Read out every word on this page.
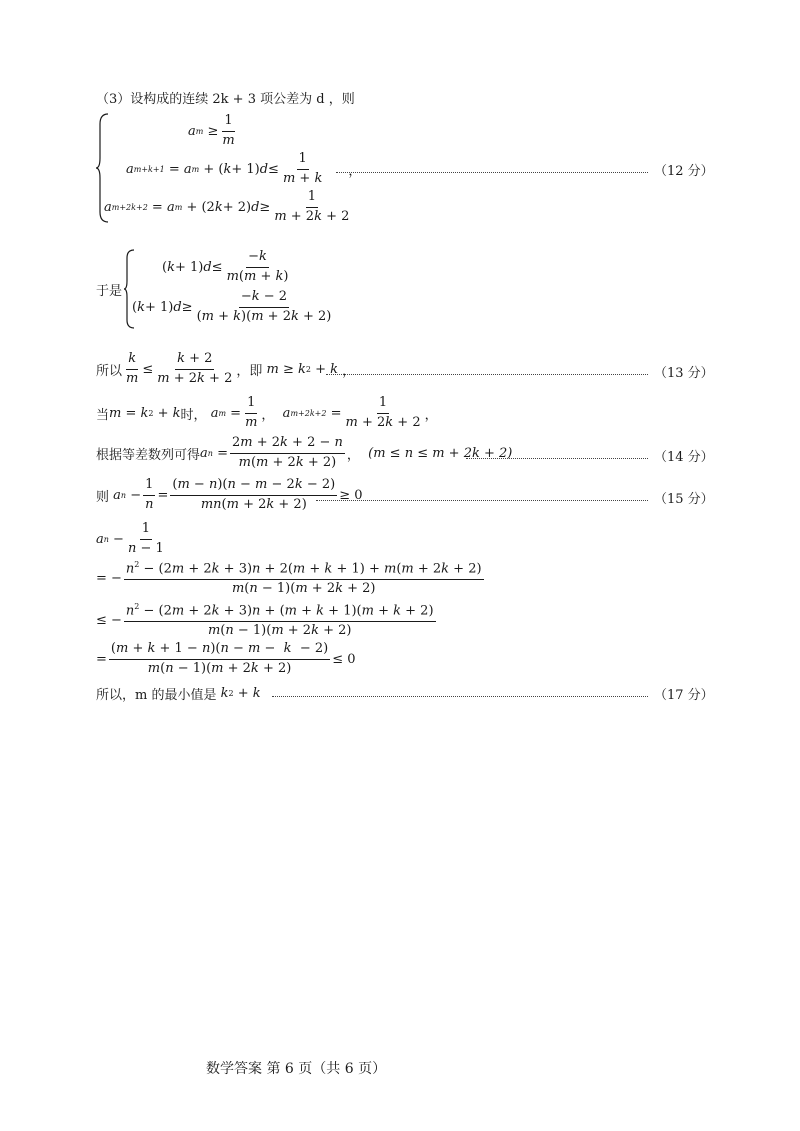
（3）设构成的连续 2k + 3 项公差为 d ，则
a $m \ge \frac{1}{m}$
a m+k+1 = a m + ( k + 1) $d \le \frac{1}{m + k}$ ，	（12 分）
a m+2k+2 = a m + (2 k + 2) $d \ge \frac{1}{m + 2k + 2}$
于是
( k + 1) $d \le \frac{-k}{m(m + k)}$
( k + 1) $d \ge \frac{-k - 2}{(m + k)(m + 2k + 2)}$
所以 $\frac{k}{m} \le \frac{k + 2}{m + 2k + 2}$ ，即 m ≥ k 2 + k ，	（13 分）
当 m = k 2 + k 时，
a $m = \frac{1}{m}$ ， a $m+2k+2 = \frac{1}{m + 2k + 2}$ ，
根据等差数列可得 a $n = \frac{2m + 2k + 2 - n}{m(m + 2k + 2)}$ ， (m ≤ n ≤ m + 2k + 2)	（14 分）
则
a $n - \frac{1}{n} = \frac{(m - n)(n - m - 2k - 2)}{mn(m + 2k + 2)} \ge 0$	（15 分）
a $n - \frac{1}{n - 1}$
= − $\frac{n^2 - (2m + 2k + 3)n + 2(m + k + 1) + m(m + 2k + 2)}{m(n - 1)(m + 2k + 2)}$
≤ − $\frac{n^2 - (2m + 2k + 3)n + (m + k + 1)(m + k + 2)}{m(n - 1)(m + 2k + 2)}$
= $\frac{(m + k + 1 - n)(n - m - k - 2)}{m(n - 1)(m + 2k + 2)} \le 0$
所以，m 的最小值是
k 2 + k	（17 分）
数学答案 第 6 页（共 6 页）
